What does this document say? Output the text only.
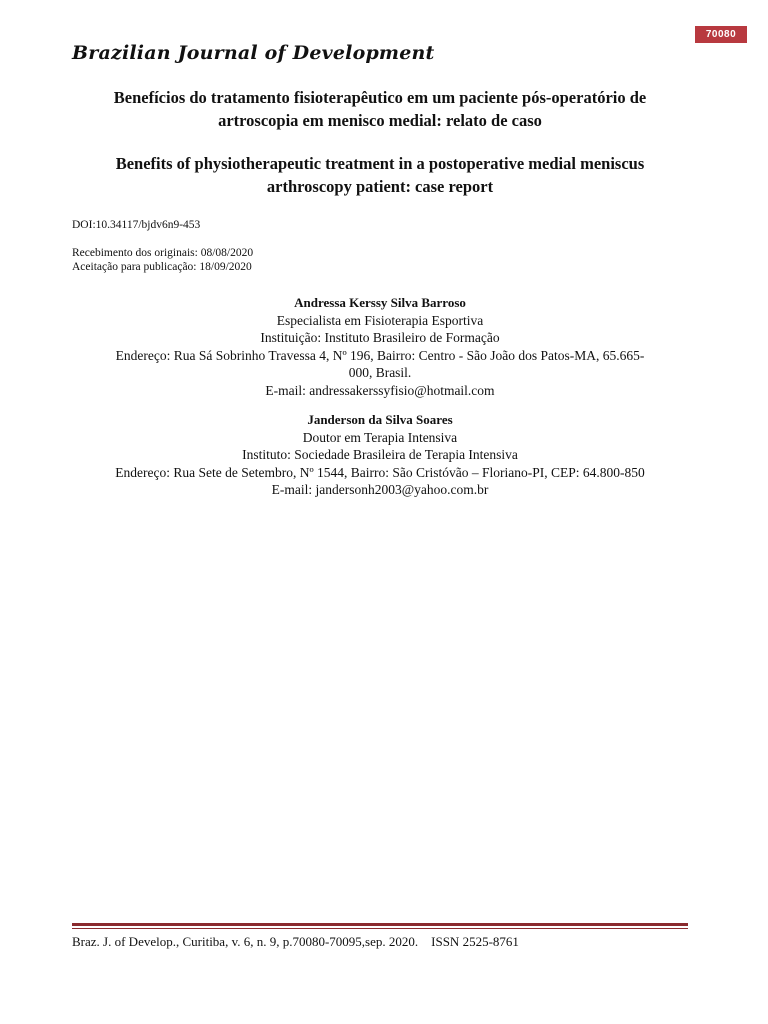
70080
Brazilian Journal of Development
Benefícios do tratamento fisioterapêutico em um paciente pós-operatório de artroscopia em menisco medial: relato de caso
Benefits of physiotherapeutic treatment in a postoperative medial meniscus arthroscopy patient: case report
DOI:10.34117/bjdv6n9-453
Recebimento dos originais: 08/08/2020
Aceitação para publicação: 18/09/2020
Andressa Kerssy Silva Barroso
Especialista em Fisioterapia Esportiva
Instituição: Instituto Brasileiro de Formação
Endereço: Rua Sá Sobrinho Travessa 4, Nº 196, Bairro: Centro - São João dos Patos-MA, 65.665-
000, Brasil.
E-mail: andressakerssyfisio@hotmail.com
Janderson da Silva Soares
Doutor em Terapia Intensiva
Instituto: Sociedade Brasileira de Terapia Intensiva
Endereço: Rua Sete de Setembro, Nº 1544, Bairro: São Cristóvão – Floriano-PI, CEP: 64.800-850
E-mail: jandersonh2003@yahoo.com.br
Braz. J. of Develop., Curitiba, v. 6, n. 9, p.70080-70095,sep. 2020.    ISSN 2525-8761
